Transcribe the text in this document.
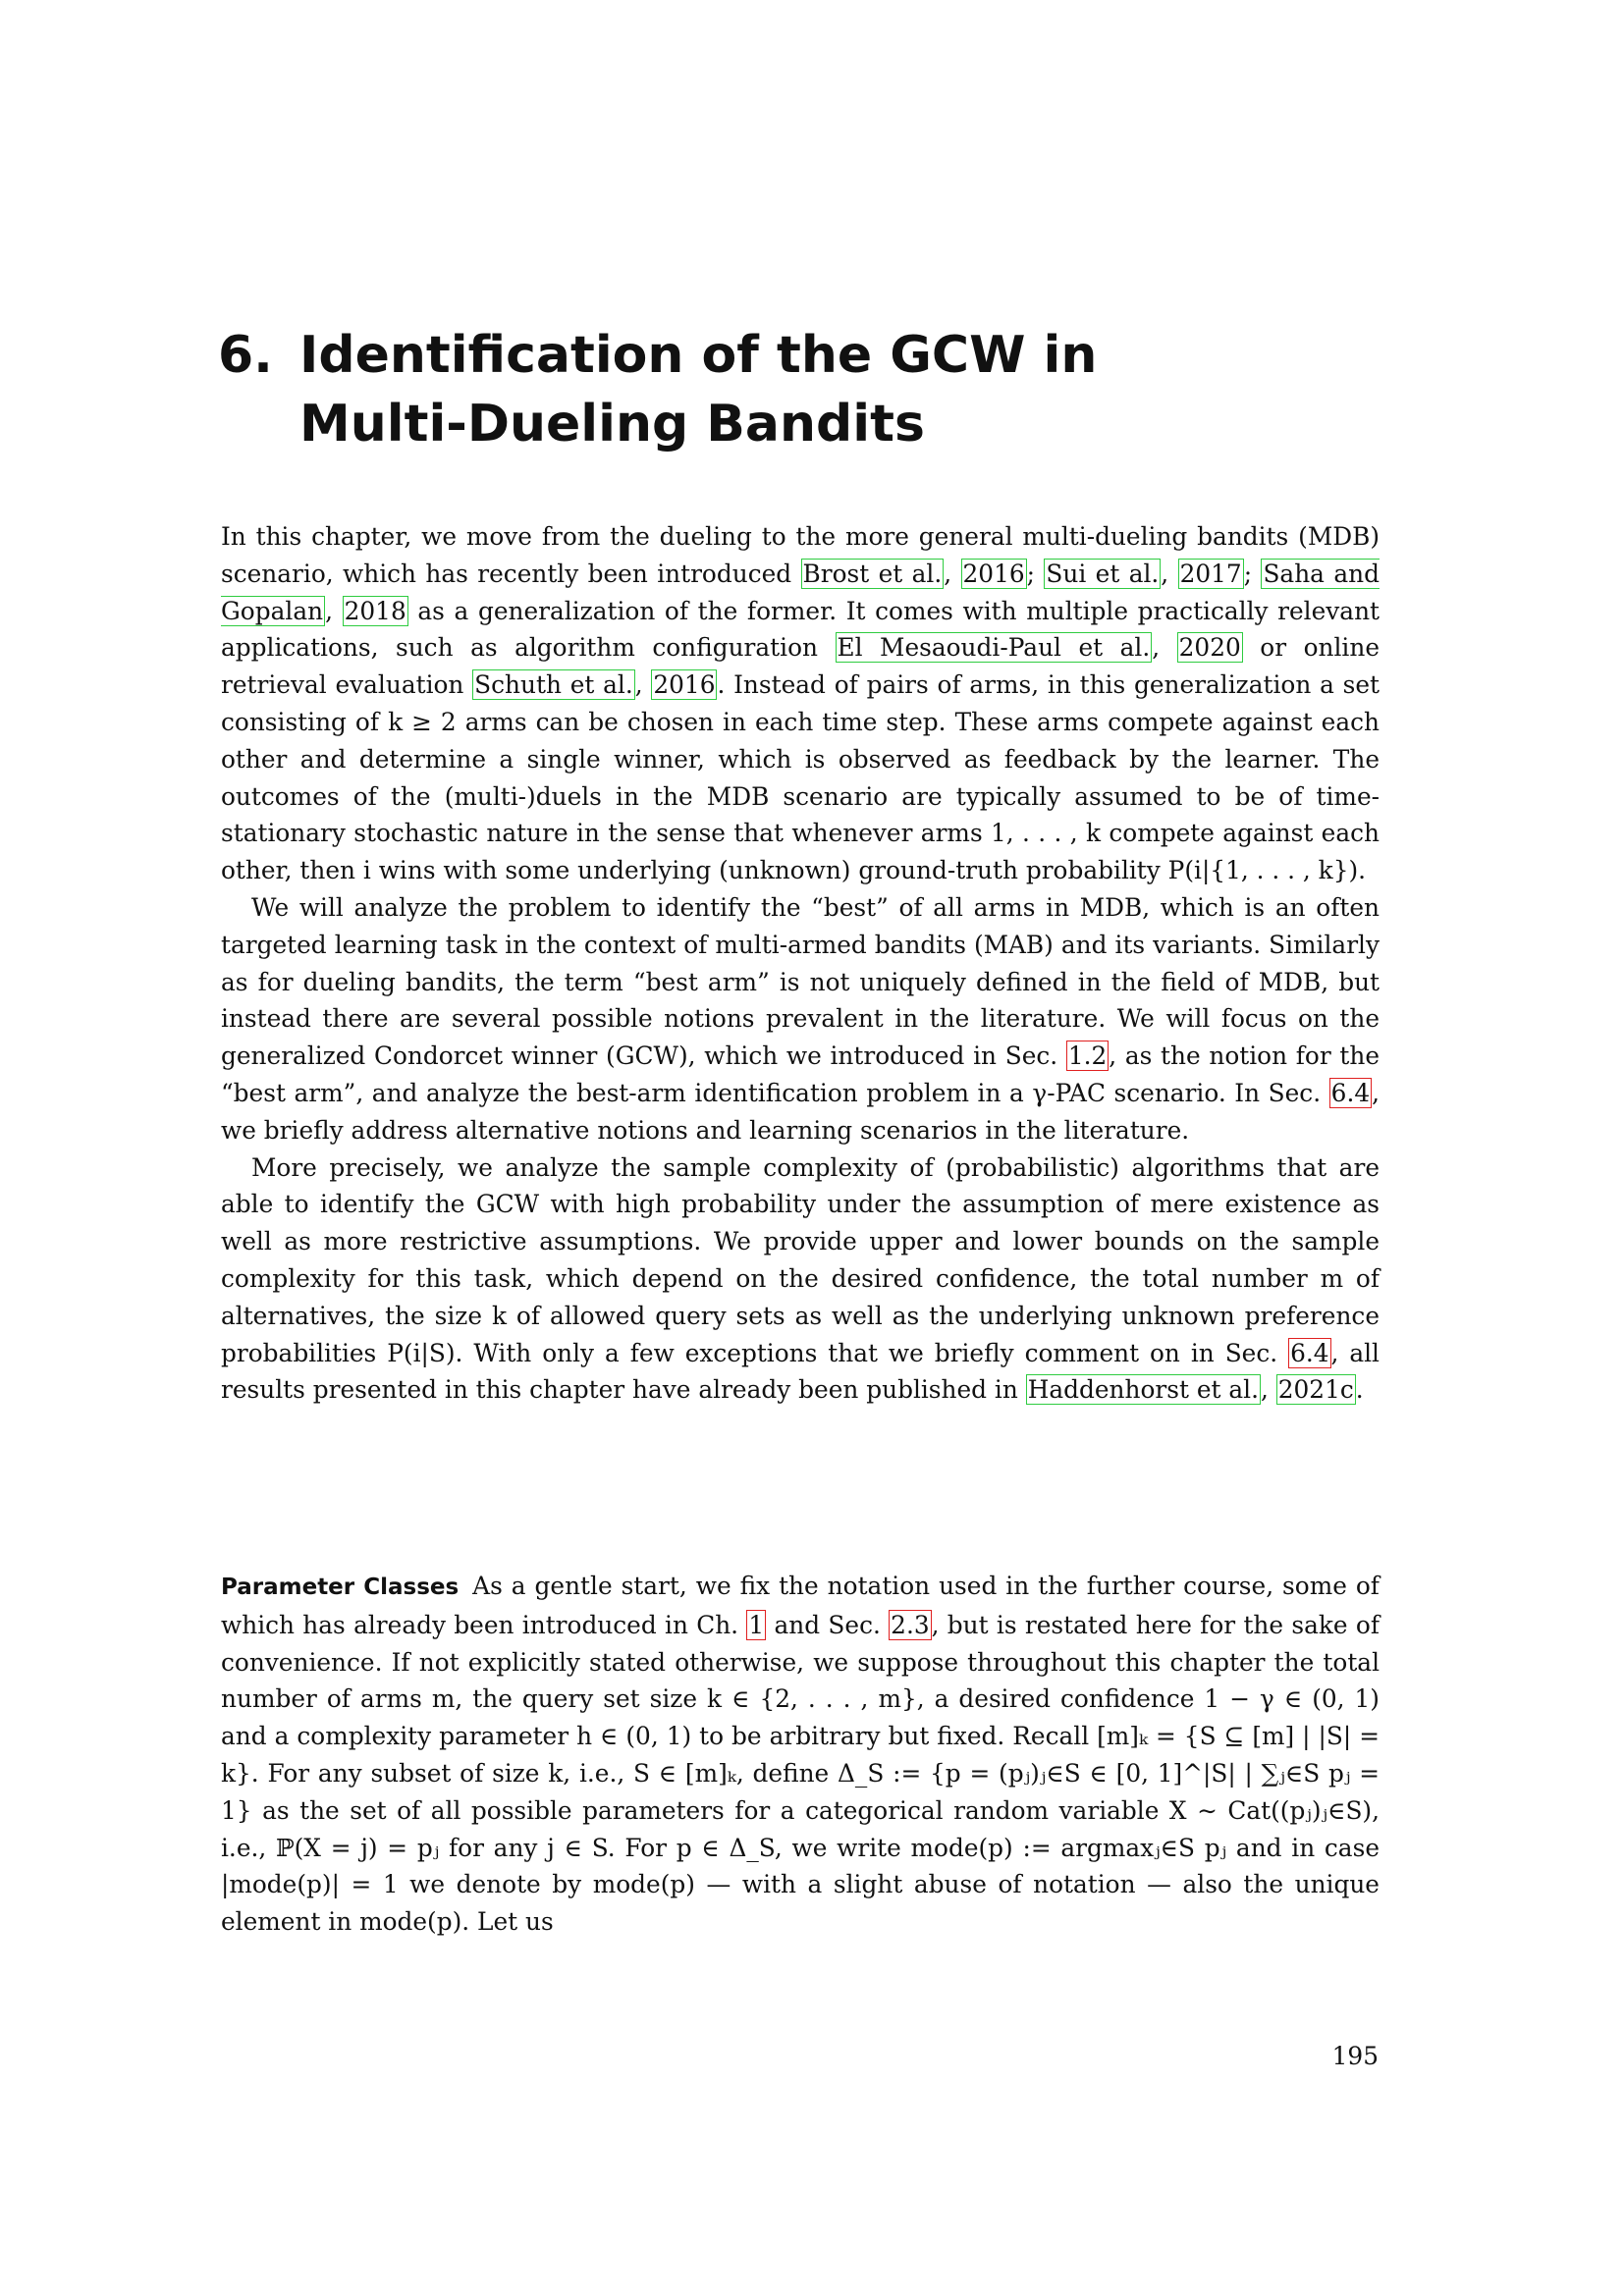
6. Identification of the GCW in
Multi-Dueling Bandits

In this chapter, we move from the dueling to the more general multi-dueling bandits (MDB) scenario, which has recently been introduced Brost et al., 2016; Sui et al., 2017; Saha and Gopalan, 2018 as a generalization of the former. It comes with multiple practically relevant applications, such as algorithm configuration El Mesaoudi-Paul et al., 2020 or online retrieval evaluation Schuth et al., 2016. Instead of pairs of arms, in this generalization a set consisting of k ≥ 2 arms can be chosen in each time step. These arms compete against each other and determine a single winner, which is observed as feedback by the learner. The outcomes of the (multi-)duels in the MDB scenario are typically assumed to be of time-stationary stochastic nature in the sense that whenever arms 1, . . . , k compete against each other, then i wins with some underlying (unknown) ground-truth probability P(i|{1, . . . , k}).

We will analyze the problem to identify the “best” of all arms in MDB, which is an often targeted learning task in the context of multi-armed bandits (MAB) and its variants. Similarly as for dueling bandits, the term “best arm” is not uniquely defined in the field of MDB, but instead there are several possible notions prevalent in the literature. We will focus on the generalized Condorcet winner (GCW), which we introduced in Sec. 1.2, as the notion for the “best arm”, and analyze the best-arm identification problem in a γ-PAC scenario. In Sec. 6.4, we briefly address alternative notions and learning scenarios in the literature.

More precisely, we analyze the sample complexity of (probabilistic) algorithms that are able to identify the GCW with high probability under the assumption of mere existence as well as more restrictive assumptions. We provide upper and lower bounds on the sample complexity for this task, which depend on the desired confidence, the total number m of alternatives, the size k of allowed query sets as well as the underlying unknown preference probabilities P(i|S). With only a few exceptions that we briefly comment on in Sec. 6.4, all results presented in this chapter have already been published in Haddenhorst et al., 2021c.

Parameter Classes As a gentle start, we fix the notation used in the further course, some of which has already been introduced in Ch. 1 and Sec. 2.3, but is restated here for the sake of convenience. If not explicitly stated otherwise, we suppose throughout this chapter the total number of arms m, the query set size k ∈ {2, . . . , m}, a desired confidence 1 − γ ∈ (0, 1) and a complexity parameter h ∈ (0, 1) to be arbitrary but fixed. Recall [m]ₖ = {S ⊆ [m] | |S| = k}. For any subset of size k, i.e., S ∈ [m]ₖ, define Δ_S := {p = (pⱼ)ⱼ∈S ∈ [0, 1]^|S| | ∑ⱼ∈S pⱼ = 1} as the set of all possible parameters for a categorical random variable X ∼ Cat((pⱼ)ⱼ∈S), i.e., ℙ(X = j) = pⱼ for any j ∈ S. For p ∈ Δ_S, we write mode(p) := argmaxⱼ∈S pⱼ and in case |mode(p)| = 1 we denote by mode(p) — with a slight abuse of notation — also the unique element in mode(p). Let us

195
